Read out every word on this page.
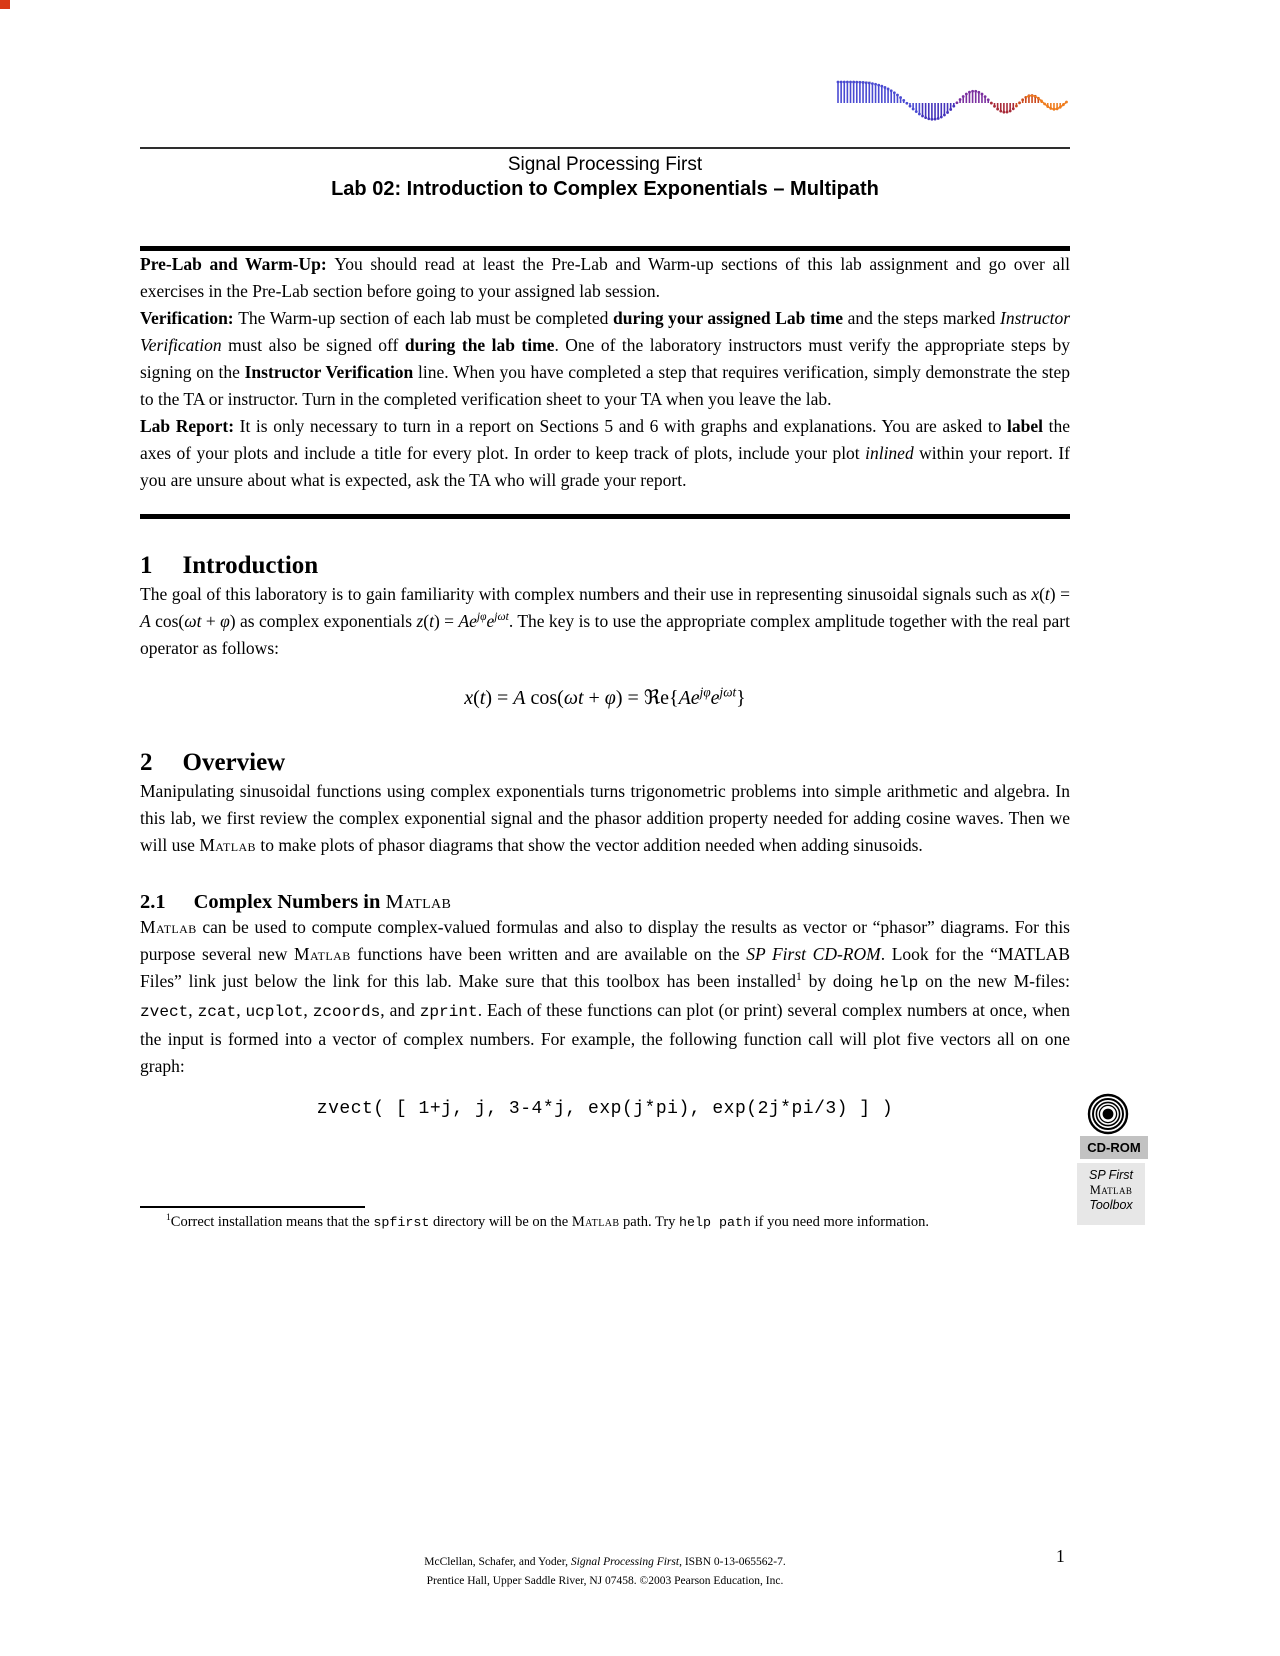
Signal Processing First
Lab 02: Introduction to Complex Exponentials – Multipath

Pre-Lab and Warm-Up: You should read at least the Pre-Lab and Warm-up sections of this lab assignment and go over all exercises in the Pre-Lab section before going to your assigned lab session.

Verification: The Warm-up section of each lab must be completed during your assigned Lab time and the steps marked Instructor Verification must also be signed off during the lab time. One of the laboratory instructors must verify the appropriate steps by signing on the Instructor Verification line. When you have completed a step that requires verification, simply demonstrate the step to the TA or instructor. Turn in the completed verification sheet to your TA when you leave the lab.

Lab Report: It is only necessary to turn in a report on Sections 5 and 6 with graphs and explanations. You are asked to label the axes of your plots and include a title for every plot. In order to keep track of plots, include your plot inlined within your report. If you are unsure about what is expected, ask the TA who will grade your report.

1 Introduction

The goal of this laboratory is to gain familiarity with complex numbers and their use in representing sinusoidal signals such as x(t) = A cos(ωt + φ) as complex exponentials $z(t) = Ae^{j\varphi}e^{j\omega t}$. The key is to use the appropriate complex amplitude together with the real part operator as follows:

x(t) = A $\cos(\omega t + \varphi) = ℜe\{Ae^{j\varphi}e^{j\omega t}\}$
2 Overview

Manipulating sinusoidal functions using complex exponentials turns trigonometric problems into simple arithmetic and algebra. In this lab, we first review the complex exponential signal and the phasor addition property needed for adding cosine waves. Then we will use Matlab to make plots of phasor diagrams that show the vector addition needed when adding sinusoids.

2.1 Complex Numbers in Matlab

Matlab can be used to compute complex-valued formulas and also to display the results as vector or “phasor” diagrams. For this purpose several new Matlab functions have been written and are available on the SP First CD-ROM. Look for the “MATLAB Files” link just below the link for this lab. Make sure that this toolbox has been installed$^1$ by doing help on the new M-files: zvect, zcat, ucplot, zcoords, and zprint. Each of these functions can plot (or print) several complex numbers at once, when the input is formed into a vector of complex numbers. For example, the following function call will plot five vectors all on one graph:

zvect( [ 1+j, j, 3-4*j, exp(j*pi), exp(2j*pi/3) ] )

$^1$Correct installation means that the spfirst directory will be on the Matlab path. Try help path if you need more information.

CD-ROM
SP First
Matlab
Toolbox
McClellan, Schafer, and Yoder, Signal Processing First, ISBN 0-13-065562-7.
Prentice Hall, Upper Saddle River, NJ 07458. ©2003 Pearson Education, Inc.
1
